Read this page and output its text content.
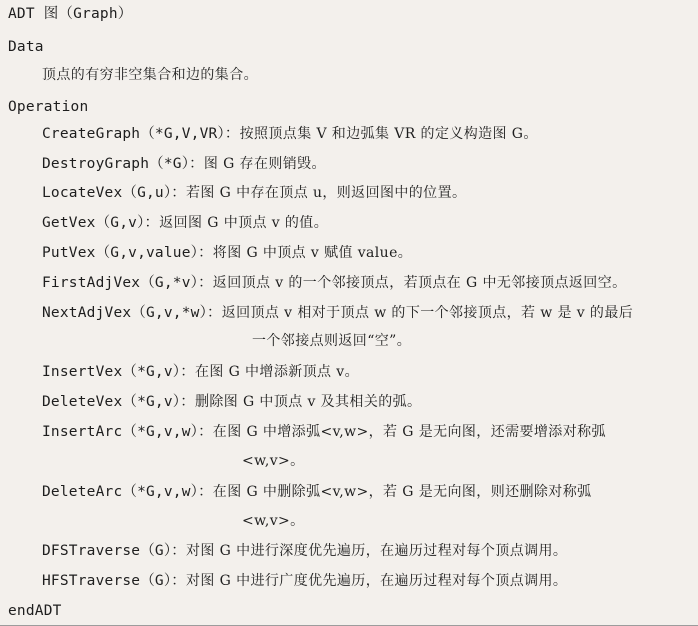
ADT 图（Graph）
Data
顶点的有穷非空集合和边的集合。
Operation
CreateGraph（*G,V,VR）：按照顶点集 V 和边弧集 VR 的定义构造图 G。
DestroyGraph（*G）：图 G 存在则销毁。
LocateVex（G,u）：若图 G 中存在顶点 u，则返回图中的位置。
GetVex（G,v）：返回图 G 中顶点 v 的值。
PutVex（G,v,value）：将图 G 中顶点 v 赋值 value。
FirstAdjVex（G,*v）：返回顶点 v 的一个邻接顶点，若顶点在 G 中无邻接顶点返回空。
NextAdjVex（G,v,*w）：返回顶点 v 相对于顶点 w 的下一个邻接顶点，若 w 是 v 的最后
一个邻接点则返回“空”。
InsertVex（*G,v）：在图 G 中增添新顶点 v。
DeleteVex（*G,v）：删除图 G 中顶点 v 及其相关的弧。
InsertArc（*G,v,w）：在图 G 中增添弧<v,w>，若 G 是无向图，还需要增添对称弧
<w,v>。
DeleteArc（*G,v,w）：在图 G 中删除弧<v,w>，若 G 是无向图，则还删除对称弧
<w,v>。
DFSTraverse（G）：对图 G 中进行深度优先遍历，在遍历过程对每个顶点调用。
HFSTraverse（G）：对图 G 中进行广度优先遍历，在遍历过程对每个顶点调用。
endADT
